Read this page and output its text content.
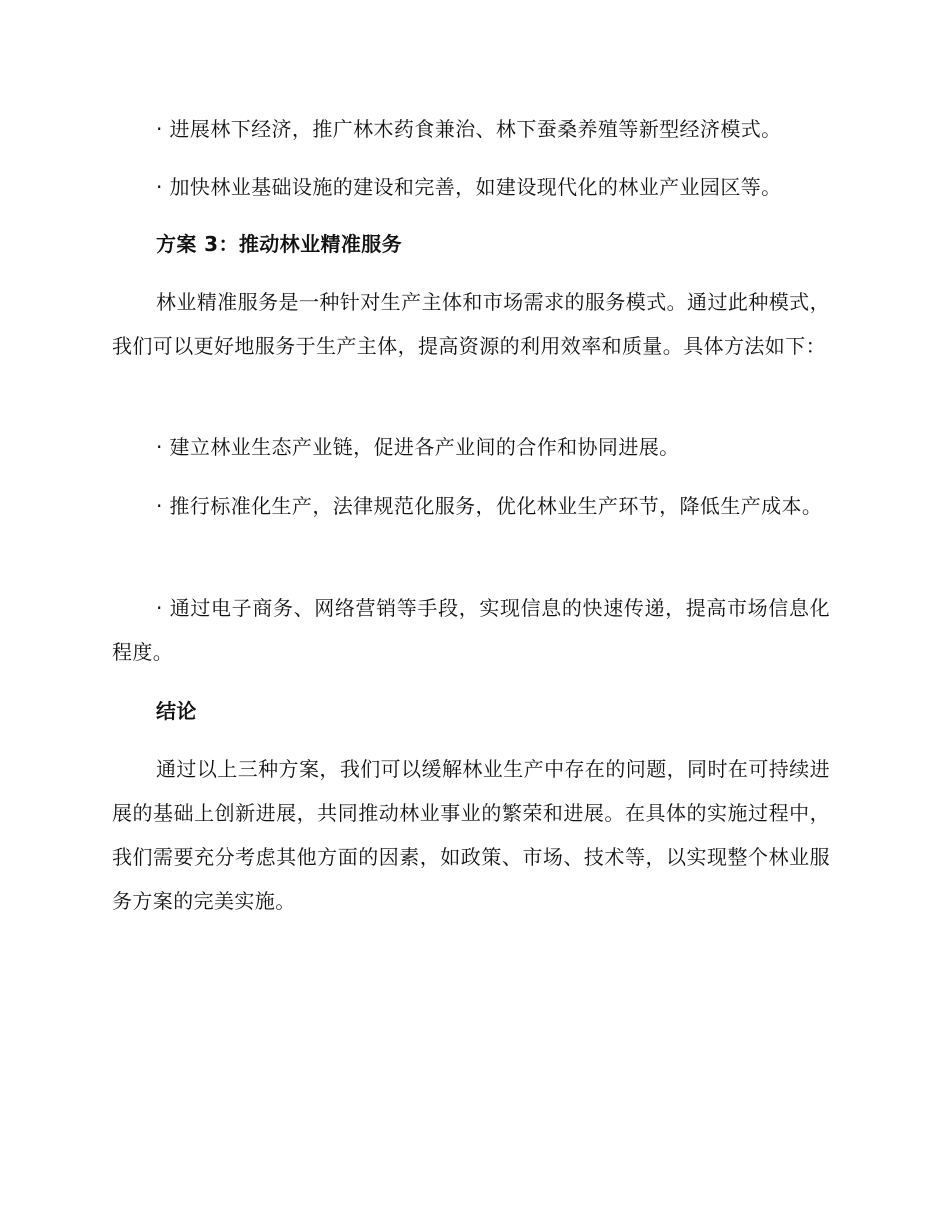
· 进展林下经济，推广林木药食兼治、林下蚕桑养殖等新型经济模式。

· 加快林业基础设施的建设和完善，如建设现代化的林业产业园区等。

方案 3：推动林业精准服务

林业精准服务是一种针对生产主体和市场需求的服务模式。通过此种模式，我们可以更好地服务于生产主体，提高资源的利用效率和质量。具体方法如下：

· 建立林业生态产业链，促进各产业间的合作和协同进展。

· 推行标准化生产，法律规范化服务，优化林业生产环节，降低生产成本。

· 通过电子商务、网络营销等手段，实现信息的快速传递，提高市场信息化程度。

结论

通过以上三种方案，我们可以缓解林业生产中存在的问题，同时在可持续进展的基础上创新进展，共同推动林业事业的繁荣和进展。在具体的实施过程中，我们需要充分考虑其他方面的因素，如政策、市场、技术等，以实现整个林业服务方案的完美实施。
